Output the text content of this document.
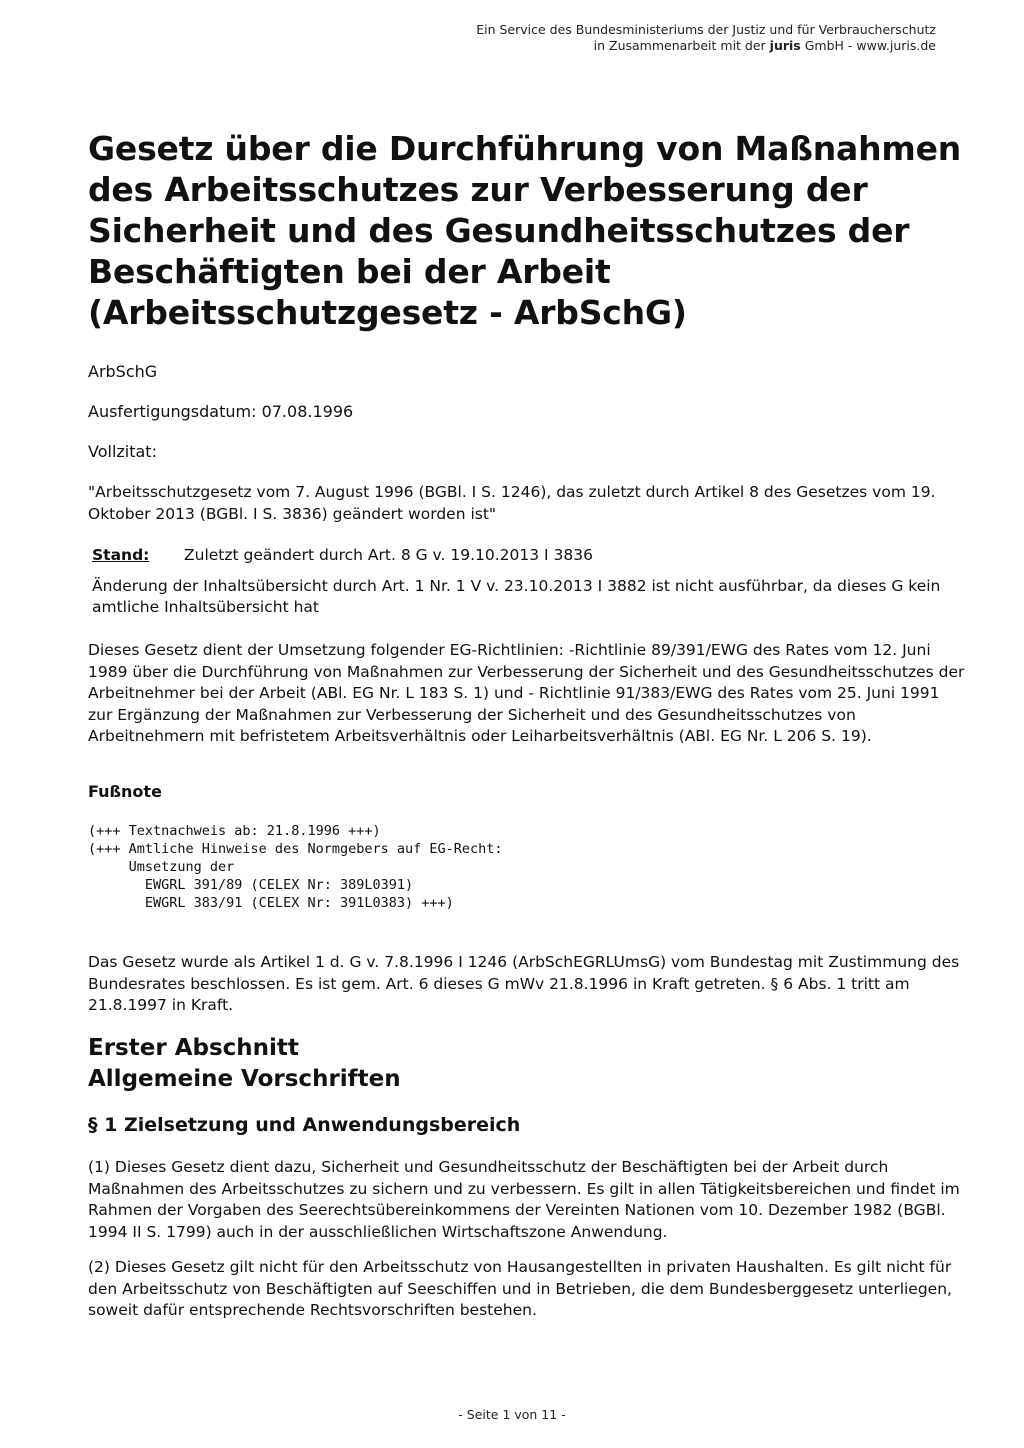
Ein Service des Bundesministeriums der Justiz und für Verbraucherschutz
in Zusammenarbeit mit der juris GmbH - www.juris.de
Gesetz über die Durchführung von Maßnahmen des Arbeitsschutzes zur Verbesserung der Sicherheit und des Gesundheitsschutzes der Beschäftigten bei der Arbeit (Arbeitsschutzgesetz - ArbSchG)

ArbSchG

Ausfertigungsdatum: 07.08.1996

Vollzitat:

"Arbeitsschutzgesetz vom 7. August 1996 (BGBl. I S. 1246), das zuletzt durch Artikel 8 des Gesetzes vom 19. Oktober 2013 (BGBl. I S. 3836) geändert worden ist"

Stand:	Zuletzt geändert durch Art. 8 G v. 19.10.2013 I 3836
Änderung der Inhaltsübersicht durch Art. 1 Nr. 1 V v. 23.10.2013 I 3882 ist nicht ausführbar, da dieses G kein amtliche Inhaltsübersicht hat

Dieses Gesetz dient der Umsetzung folgender EG-Richtlinien: -Richtlinie 89/391/EWG des Rates vom 12. Juni 1989 über die Durchführung von Maßnahmen zur Verbesserung der Sicherheit und des Gesundheitsschutzes der Arbeitnehmer bei der Arbeit (ABl. EG Nr. L 183 S. 1) und - Richtlinie 91/383/EWG des Rates vom 25. Juni 1991 zur Ergänzung der Maßnahmen zur Verbesserung der Sicherheit und des Gesundheitsschutzes von Arbeitnehmern mit befristetem Arbeitsverhältnis oder Leiharbeitsverhältnis (ABl. EG Nr. L 206 S. 19).

Fußnote
(+++ Textnachweis ab: 21.8.1996 +++)
(+++ Amtliche Hinweise des Normgebers auf EG-Recht:
Umsetzung der
EWGRL 391/89 (CELEX Nr: 389L0391)
EWGRL 383/91 (CELEX Nr: 391L0383) +++)

Das Gesetz wurde als Artikel 1 d. G v. 7.8.1996 I 1246 (ArbSchEGRLUmsG) vom Bundestag mit Zustimmung des Bundesrates beschlossen. Es ist gem. Art. 6 dieses G mWv 21.8.1996 in Kraft getreten. § 6 Abs. 1 tritt am 21.8.1997 in Kraft.

Erster Abschnitt
Allgemeine Vorschriften
§ 1 Zielsetzung und Anwendungsbereich

(1) Dieses Gesetz dient dazu, Sicherheit und Gesundheitsschutz der Beschäftigten bei der Arbeit durch Maßnahmen des Arbeitsschutzes zu sichern und zu verbessern. Es gilt in allen Tätigkeitsbereichen und findet im Rahmen der Vorgaben des Seerechtsübereinkommens der Vereinten Nationen vom 10. Dezember 1982 (BGBl. 1994 II S. 1799) auch in der ausschließlichen Wirtschaftszone Anwendung.

(2) Dieses Gesetz gilt nicht für den Arbeitsschutz von Hausangestellten in privaten Haushalten. Es gilt nicht für den Arbeitsschutz von Beschäftigten auf Seeschiffen und in Betrieben, die dem Bundesberggesetz unterliegen, soweit dafür entsprechende Rechtsvorschriften bestehen.

- Seite 1 von 11 -
